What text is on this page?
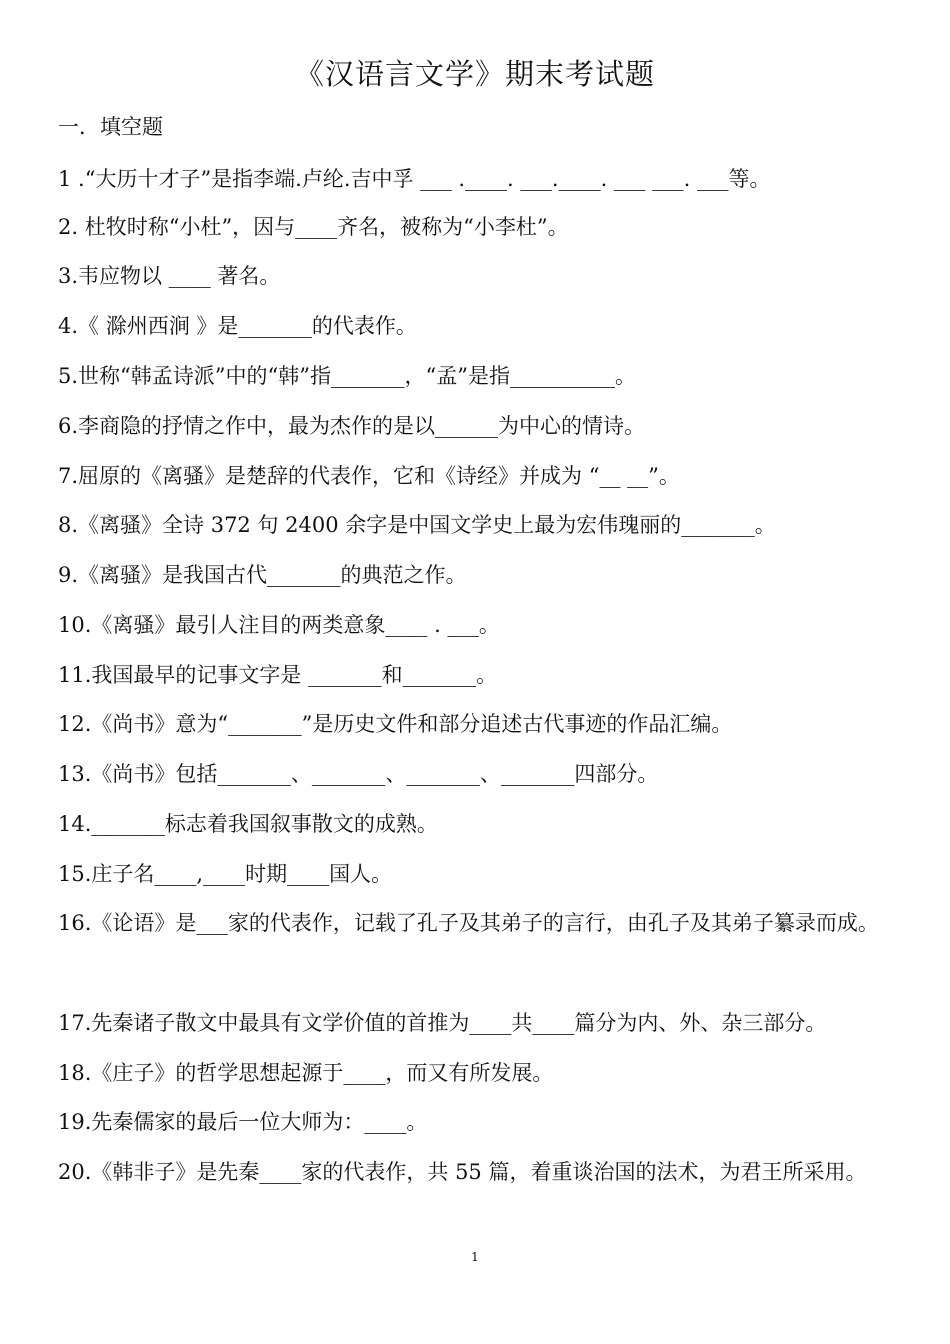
《汉语言文学》期末考试题
一．填空题
1 .“大历十才子”是指李端.卢纶.吉中孚 ___ .____. ___.____. ___ ___. ___等。
2. 杜牧时称“小杜”，因与____齐名，被称为“小李杜”。
3.韦应物以 ____ 著名。
4.《 滁州西涧 》是_______的代表作。
5.世称“韩孟诗派”中的“韩”指_______，“孟”是指__________。
6.李商隐的抒情之作中，最为杰作的是以______为中心的情诗。
7.屈原的《离骚》是楚辞的代表作，它和《诗经》并成为 “__ __”。
8.《离骚》全诗 372 句 2400 余字是中国文学史上最为宏伟瑰丽的_______。
9.《离骚》是我国古代_______的典范之作。
10.《离骚》最引人注目的两类意象____ . ___。
11.我国最早的记事文字是 _______和_______。
12.《尚书》意为“_______”是历史文件和部分追述古代事迹的作品汇编。
13.《尚书》包括_______、_______、_______、_______四部分。
14._______标志着我国叙事散文的成熟。
15.庄子名____,____时期____国人。
16.《论语》是___家的代表作，记载了孔子及其弟子的言行，由孔子及其弟子纂录而成。
17.先秦诸子散文中最具有文学价值的首推为____共____篇分为内、外、杂三部分。
18.《庄子》的哲学思想起源于____，而又有所发展。
19.先秦儒家的最后一位大师为：____。
20.《韩非子》是先秦____家的代表作，共 55 篇，着重谈治国的法术，为君王所采用。
1
